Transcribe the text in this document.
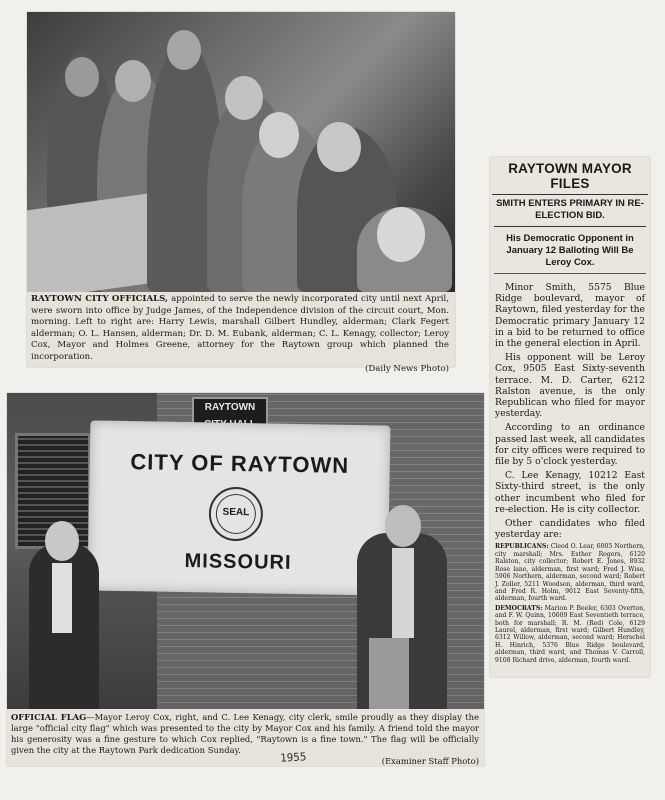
RAYTOWN CITY OFFICIALS, appointed to serve the newly incorporated city until next April, were sworn into office by Judge James, of the Independence division of the circuit court, Mon. morning. Left to right are: Harry Lewis, marshall Gilbert Hundley, alderman; Clark Fegert alderman; O. L. Hansen, alderman; Dr. D. M. Eubank, alderman; C. L. Kenagy, collector; Leroy Cox, Mayor and Holmes Greene, attorney for the Raytown group which planned the incorporation.
(Daily News Photo)
RAYTOWN MAYOR FILES
SMITH ENTERS PRIMARY IN RE-ELECTION BID.
His Democratic Opponent in January 12 Balloting Will Be Leroy Cox.

Minor Smith, 5575 Blue Ridge boulevard, mayor of Raytown, filed yesterday for the Democratic primary January 12 in a bid to be returned to office in the general election in April.

His opponent will be Leroy Cox, 9505 East Sixty-seventh terrace. M. D. Carter, 6212 Ralston avenue, is the only Republican who filed for mayor yesterday.

According to an ordinance passed last week, all candidates for city offices were required to file by 5 o'clock yesterday.

C. Lee Kenagy, 10212 East Sixty-third street, is the only other incumbent who filed for re-election. He is city collector.

Other candidates who filed yesterday are:

REPUBLICANS: Cleod O. Lear, 6005 Northern, city marshall; Mrs. Esther Rogers, 6120 Ralston, city collector; Robert E. Jones, 8932 Rose lane, alderman, first ward; Fred J. Wise, 5906 Northern, alderman, second ward; Robert J. Zoller, 5211 Woodson, alderman, third ward, and Fred R. Holm, 9012 East Seventy-fifth, alderman, fourth ward.

DEMOCRATS: Marion P. Beeler, 6303 Overton, and F. W. Quinn, 10609 East Seventieth terrace, both for marshall; R. M. (Red) Cole, 6129 Laurel, alderman, first ward; Gilbert Hundley, 6312 Willow, alderman, second ward; Herschel H. Hinrich, 5376 Blue Ridge boulevard, alderman, third ward, and Thomas V. Carroll, 9108 Richard drive, alderman, fourth ward.

RAYTOWN
CITY OF RAYTOWN
SEAL
MISSOURI
OFFICIAL FLAG—Mayor Leroy Cox, right, and C. Lee Kenagy, city clerk, smile proudly as they display the large "official city flag" which was presented to the city by Mayor Cox and his family. A friend told the mayor his generosity was a fine gesture to which Cox replied, "Raytown is a fine town." The flag will be officially given the city at the Raytown Park dedication Sunday.
(Examiner Staff Photo)
1955
